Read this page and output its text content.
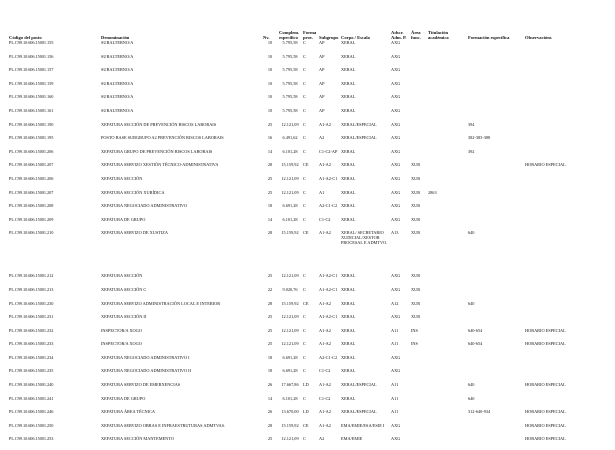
Código del posto	Denominación	Nv.	Complem. específico	Forma prov.	Subgrupo	Corpo / Escala	Adscr. Adm. P.	Área func.	Titulación académica	Formación específica	Observacións
PL.C99.10.606.15001.155	SUBALTERNO/A	10	5.795,58	C	AP	XERAL	AXG				
PL.C99.10.606.15001.156	SUBALTERNO/A	10	5.795,58	C	AP	XERAL	AXG				
PL.C99.10.606.15001.157	SUBALTERNO/A	10	5.795,58	C	AP	XERAL	AXG				
PL.C99.10.606.15001.159	SUBALTERNO/A	10	5.795,58	C	AP	XERAL	AXG				
PL.C99.10.606.15001.160	SUBALTERNO/A	10	5.795,58	C	AP	XERAL	AXG				
PL.C99.10.606.15001.161	SUBALTERNO/A	10	5.795,58	C	AP	XERAL	AXG				
PL.C99.10.606.15001.190	XEFATURA SECCIÓN DE PREVENCIÓN RISCOS LABORAIS	25	12.121,09	C	A1-A2	XERAL/ESPECIAL	AXG			394	
PL.C99.10.606.15001.195	POSTO BASE SUBGRUPO A2 PREVENCIÓN RISCOS LABORAIS	16	6.491,62	C	A2	XERAL/ESPECIAL	AXG			382-383-388	
PL.C99.10.606.15001.206	XEFATURA GRUPO DE PREVENCIÓN RISCOS LABORAIS	14	6.101,28	C	C1-C2-AP	XERAL	AXG			392	
PL.C99.10.606.15001.207	XEFATURA SERVIZO XESTIÓN TÉCNICO-ADMINISTRATIVA	28	15.159,92	CE	A1-A2	XERAL	AXG	XUR			HORARIO ESPECIAL
PL.C99.10.606.15001.206	XEFATURA SECCIÓN	25	12.121,09	C	A1-A2-C1	XERAL	AXG	XUR			
PL.C99.10.606.15001.207	XEFATURA SECCIÓN XURÍDICA	25	12.121,09	C	A1	XERAL	AXG	XUR	2863		
PL.C99.10.606.15001.208	XEFATURA NEGOCIADO ADMINISTRATIVO	18	6.691,28	C	A2-C1-C2	XERAL	AXG	XUR			
PL.C99.10.606.15001.209	XEFATURA DE GRUPO	14	6.101,28	C	C1-C2	XERAL	AXG	XUR			
PL.C99.10.606.15001.210	XEFATURA SERVIZO DE XUSTIZA	28	15.159,92	CE	A1-A2	XERAL/ SECRETARIO XUDICIAL/XESTOR PROCESAL E ADMTVO.	A13	XUR		640	
PL.C99.10.606.15001.212	XEFATURA SECCIÓN	25	12.121,09	C	A1-A2-C1	XERAL	AXG	XUR			
PL.C99.10.606.15001.213	XEFATURA SECCIÓN C	22	9.020,76	C	A1-A2-C1	XERAL	AXG	XUR			
PL.C99.10.606.15001.230	XEFATURA SERVIZO ADMINISTRACIÓN LOCAL E INTERIOR	28	15.159,92	CE	A1-A2	XERAL	A12	XUR		640	
PL.C99.10.606.15001.231	XEFATURA SECCIÓN II	25	12.121,09	C	A1-A2-C1	XERAL	AXG	XUR			
PL.C99.10.606.15001.232	INSPECTOR/A XOGO	25	12.121,09	C	A1-A2	XERAL	A11	INS		640-654	HORARIO ESPECIAL
PL.C99.10.606.15001.233	INSPECTOR/A XOGO	25	12.121,09	C	A1-A2	XERAL	A11	INS		640-654	HORARIO ESPECIAL
PL.C99.10.606.15001.234	XEFATURA NEGOCIADO ADMINISTRATIVO I	18	6.691,28	C	A2-C1-C2	XERAL	AXG				
PL.C99.10.606.15001.235	XEFATURA NEGOCIADO ADMINISTRATIVO II	18	6.691,28	C	C1-C2	XERAL	AXG				
PL.C99.10.606.15001.240	XEFATURA SERVIZO DE EMERXENCIAS	26	17.667,86	LD	A1-A2	XERAL/ESPECIAL	A11			640	HORARIO ESPECIAL
PL.C99.10.606.15001.241	XEFATURA DE GRUPO	14	6.101,28	C	C1-C2	XERAL	A11			640	
PL.C99.10.606.15001.246	XEFATURA ÁREA TÉCNICA	26	13.670,00	LD	A1-A2	XERAL/ESPECIAL	A11			312-640-934	HORARIO ESPECIAL
PL.C99.10.606.15001.250	XEFATURA SERVIZO OBRAS E INFRAESTRUTURAS ADMTVAS.	28	15.159,92	CE	A1-A2	EMA/EMIE/ESA/ESIE I	AXG				HORARIO ESPECIAL
PL.C99.10.606.15001.253	XEFATURA SECCIÓN MANTEMENTO	25	12.121,09	C	A2	EMA/EMIE	AXG				HORARIO ESPECIAL
